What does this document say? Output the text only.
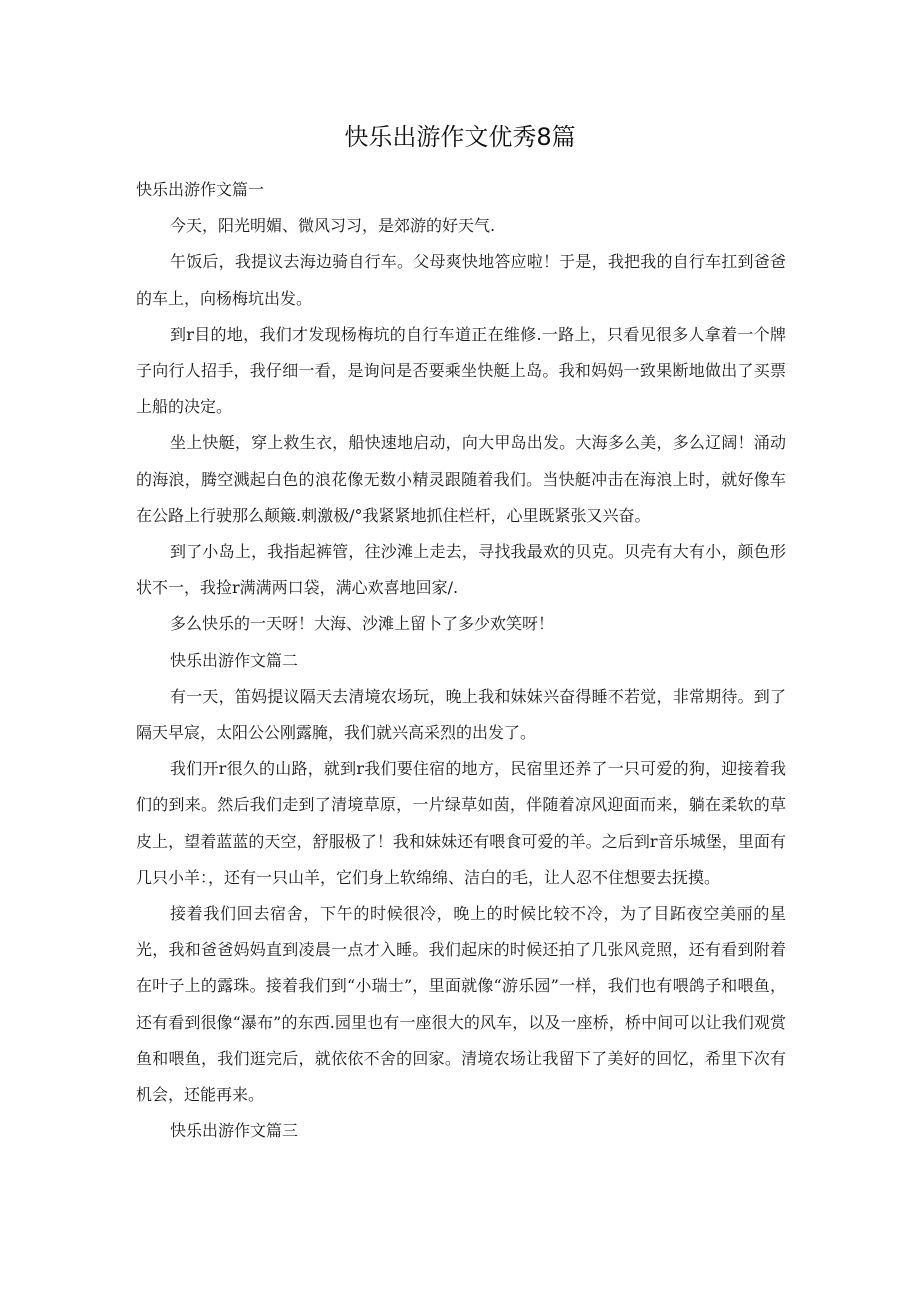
快乐出游作文优秀8篇

快乐出游作文篇一

今天，阳光明媚、微风习习，是郊游的好天气.

午饭后，我提议去海边骑自行车。父母爽快地答应啦！于是，我把我的自行车扛到爸爸的车上，向杨梅坑出发。

到r目的地，我们才发现杨梅坑的自行车道正在维修.一路上，只看见很多人拿着一个牌子向行人招手，我仔细一看，是询问是否要乘坐快艇上岛。我和妈妈一致果断地做出了买票上船的决定。

坐上快艇，穿上救生衣，船快速地启动，向大甲岛出发。大海多么美，多么辽阔！涌动的海浪，腾空溅起白色的浪花像无数小精灵跟随着我们。当快艇冲击在海浪上时，就好像车在公路上行驶那么颠簸.刺激极/°我紧紧地抓住栏杆，心里既紧张又兴奋。

到了小岛上，我指起裤管，往沙滩上走去，寻找我最欢的贝克。贝壳有大有小，颜色形状不一，我捡r满满两口袋，满心欢喜地回家/.

多么快乐的一天呀！大海、沙滩上留卜了多少欢笑呀！

快乐出游作文篇二

有一天，笛妈提议隔天去清境农场玩，晚上我和妹妹兴奋得睡不若觉，非常期待。到了隔天早宸，太阳公公刚露腌，我们就兴高采烈的出发了。

我们开r很久的山路，就到r我们要住宿的地方，民宿里还养了一只可爱的狗，迎接着我们的到来。然后我们走到了清境草原，一片绿草如茵，伴随着凉风迎面而来，躺在柔软的草皮上，望着蓝蓝的天空，舒服极了！我和妹妹还有喂食可爱的羊。之后到r音乐城堡，里面有几只小羊：，还有一只山羊，它们身上软绵绵、洁白的毛，让人忍不住想要去抚摸。

接着我们回去宿舍，下午的时候很冷，晚上的时候比较不冷，为了目跖夜空美丽的星光，我和爸爸妈妈直到凌晨一点才入睡。我们起床的时候还拍了几张风竞照，还有看到附着在叶子上的露珠。接着我们到“小瑞士”，里面就像“游乐园”一样，我们也有喂鸽子和喂鱼，还有看到很像“瀑布”的东西.园里也有一座很大的风车，以及一座桥，桥中间可以让我们观赏鱼和喂鱼，我们逛完后，就依依不舍的回家。清境农场让我留下了美好的回忆，希里下次有机会，还能再来。

快乐出游作文篇三
